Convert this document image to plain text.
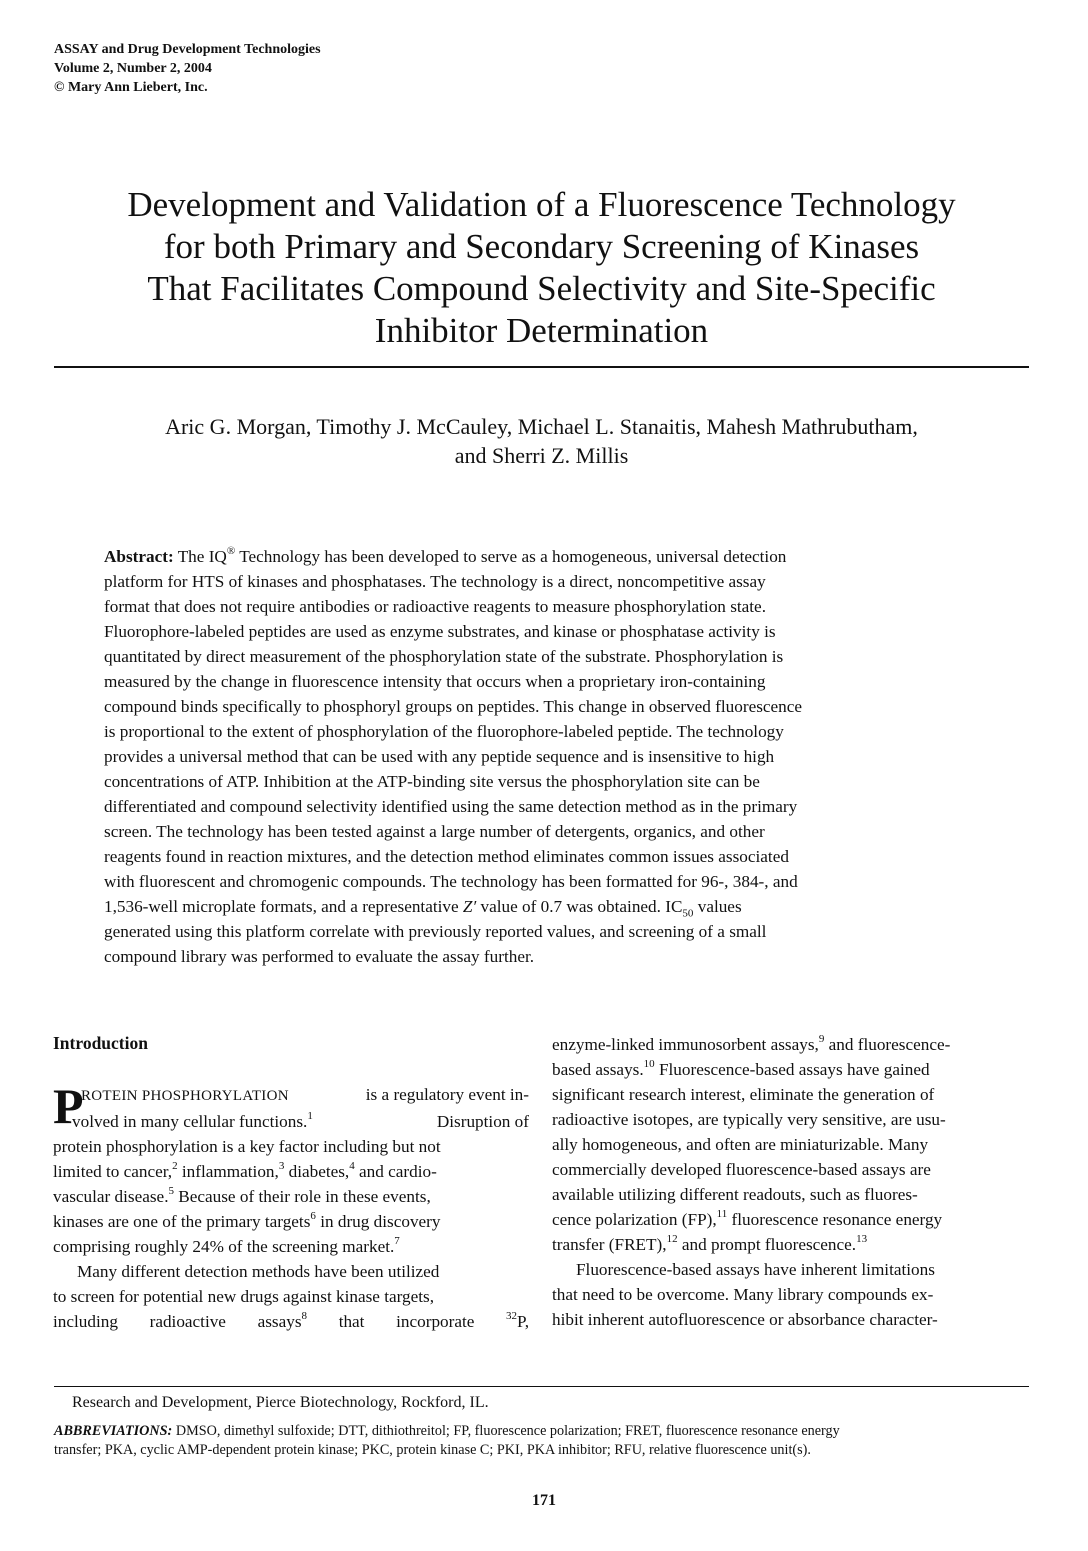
ASSAY and Drug Development Technologies
Volume 2, Number 2, 2004
© Mary Ann Liebert, Inc.
Development and Validation of a Fluorescence Technology
for both Primary and Secondary Screening of Kinases
That Facilitates Compound Selectivity and Site-Specific
Inhibitor Determination
Aric G. Morgan, Timothy J. McCauley, Michael L. Stanaitis, Mahesh Mathrubutham,
and Sherri Z. Millis
Abstract: The IQ® Technology has been developed to serve as a homogeneous, universal detection
platform for HTS of kinases and phosphatases. The technology is a direct, noncompetitive assay
format that does not require antibodies or radioactive reagents to measure phosphorylation state.
Fluorophore-labeled peptides are used as enzyme substrates, and kinase or phosphatase activity is
quantitated by direct measurement of the phosphorylation state of the substrate. Phosphorylation is
measured by the change in fluorescence intensity that occurs when a proprietary iron-containing
compound binds specifically to phosphoryl groups on peptides. This change in observed fluorescence
is proportional to the extent of phosphorylation of the fluorophore-labeled peptide. The technology
provides a universal method that can be used with any peptide sequence and is insensitive to high
concentrations of ATP. Inhibition at the ATP-binding site versus the phosphorylation site can be
differentiated and compound selectivity identified using the same detection method as in the primary
screen. The technology has been tested against a large number of detergents, organics, and other
reagents found in reaction mixtures, and the detection method eliminates common issues associated
with fluorescent and chromogenic compounds. The technology has been formatted for 96-, 384-, and
1,536-well microplate formats, and a representative Z′ value of 0.7 was obtained. $IC_{50}$ values
generated using this platform correlate with previously reported values, and screening of a small
compound library was performed to evaluate the assay further.
Introduction
P
ROTEIN PHOSPHORYLATION	is a regulatory event in-
volved in many cellular functions.$^1$	Disruption of
protein phosphorylation is a key factor including but not
limited to cancer,$^2$ inflammation,$^3$ diabetes,$^4$ and cardio-
vascular disease.$^5$ Because of their role in these events,
kinases are one of the primary targets$^6$ in drug discovery
comprising roughly 24% of the screening market.$^7$
Many different detection methods have been utilized
to screen for potential new drugs against kinase targets,
including radioactive assays$^8$ that incorporate	$^{32}$P,
enzyme-linked immunosorbent assays,$^9$ and fluorescence-
based assays.$^{10}$ Fluorescence-based assays have gained
significant research interest, eliminate the generation of
radioactive isotopes, are typically very sensitive, are usu-
ally homogeneous, and often are miniaturizable. Many
commercially developed fluorescence-based assays are
available utilizing different readouts, such as fluores-
cence polarization (FP),$^{11}$ fluorescence resonance energy
transfer (FRET),$^{12}$ and prompt fluorescence.$^{13}$
Fluorescence-based assays have inherent limitations
that need to be overcome. Many library compounds ex-
hibit inherent autofluorescence or absorbance character-
Research and Development, Pierce Biotechnology, Rockford, IL.
ABBREVIATIONS: DMSO, dimethyl sulfoxide; DTT, dithiothreitol; FP, fluorescence polarization; FRET, fluorescence resonance energy
transfer; PKA, cyclic AMP-dependent protein kinase; PKC, protein kinase C; PKI, PKA inhibitor; RFU, relative fluorescence unit(s).
171
